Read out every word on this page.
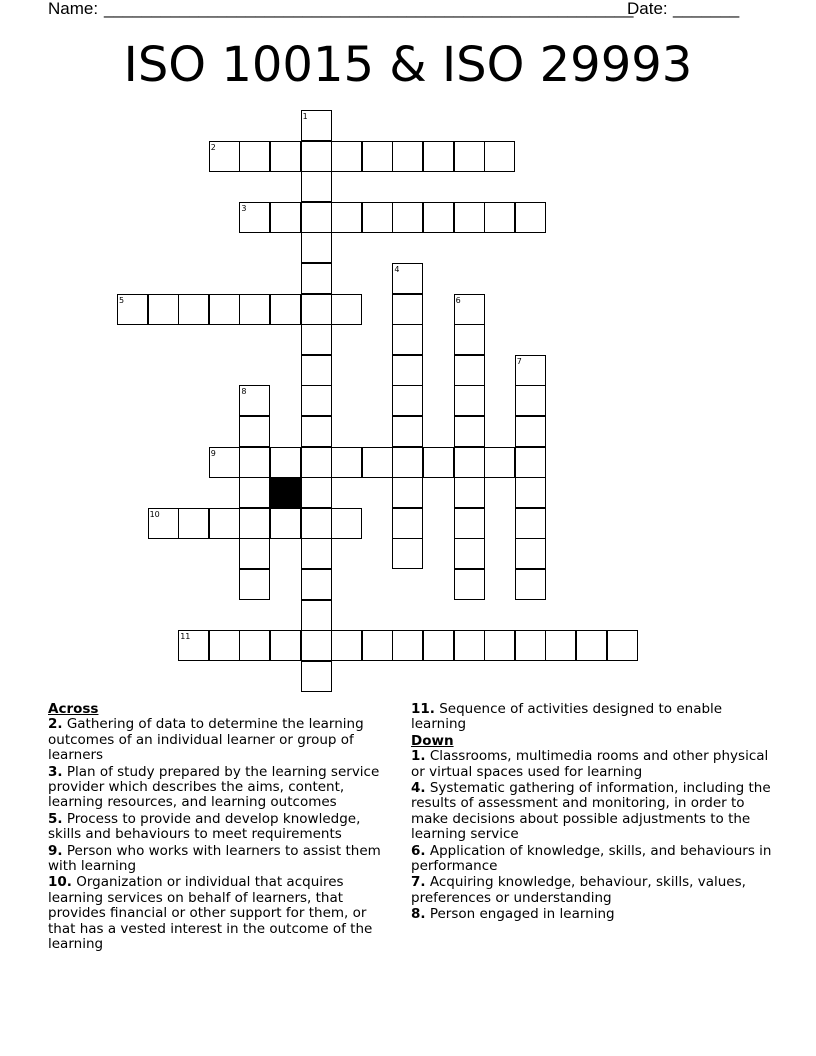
Name: ________________________________________________________
Date: _______
ISO 10015 & ISO 29993
1
2
3
4
5	6
7
8
9
10
11
Across
2. Gathering of data to determine the learning outcomes of an individual learner or group of learners
3. Plan of study prepared by the learning service provider which describes the aims, content, learning resources, and learning outcomes
5. Process to provide and develop knowledge, skills and behaviours to meet requirements
9. Person who works with learners to assist them with learning
10. Organization or individual that acquires learning services on behalf of learners, that provides financial or other support for them, or that has a vested interest in the outcome of the learning
11. Sequence of activities designed to enable learning
Down
1. Classrooms, multimedia rooms and other physical or virtual spaces used for learning
4. Systematic gathering of information, including the results of assessment and monitoring, in order to make decisions about possible adjustments to the learning service
6. Application of knowledge, skills, and behaviours in performance
7. Acquiring knowledge, behaviour, skills, values, preferences or understanding
8. Person engaged in learning
